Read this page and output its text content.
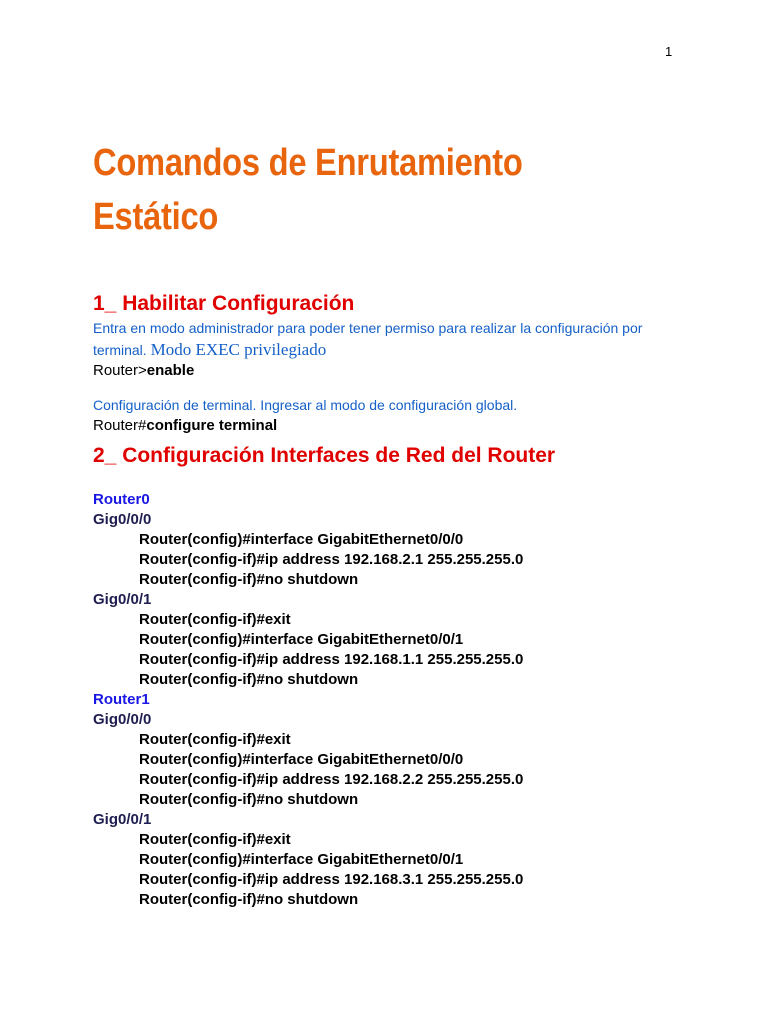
1
Comandos de Enrutamiento
Estático
1_ Habilitar Configuración

Entra en modo administrador para poder tener permiso para realizar la configuración por terminal. Modo EXEC privilegiado

Router>enable

Configuración de terminal. Ingresar al modo de configuración global.

Router#configure terminal

2_ Configuración Interfaces de Red del Router

Router0

Gig0/0/0

Router(config)#interface GigabitEthernet0/0/0

Router(config-if)#ip address 192.168.2.1 255.255.255.0

Router(config-if)#no shutdown

Gig0/0/1

Router(config-if)#exit

Router(config)#interface GigabitEthernet0/0/1

Router(config-if)#ip address 192.168.1.1 255.255.255.0

Router(config-if)#no shutdown

Router1

Gig0/0/0

Router(config-if)#exit

Router(config)#interface GigabitEthernet0/0/0

Router(config-if)#ip address 192.168.2.2 255.255.255.0

Router(config-if)#no shutdown

Gig0/0/1

Router(config-if)#exit

Router(config)#interface GigabitEthernet0/0/1

Router(config-if)#ip address 192.168.3.1 255.255.255.0

Router(config-if)#no shutdown
